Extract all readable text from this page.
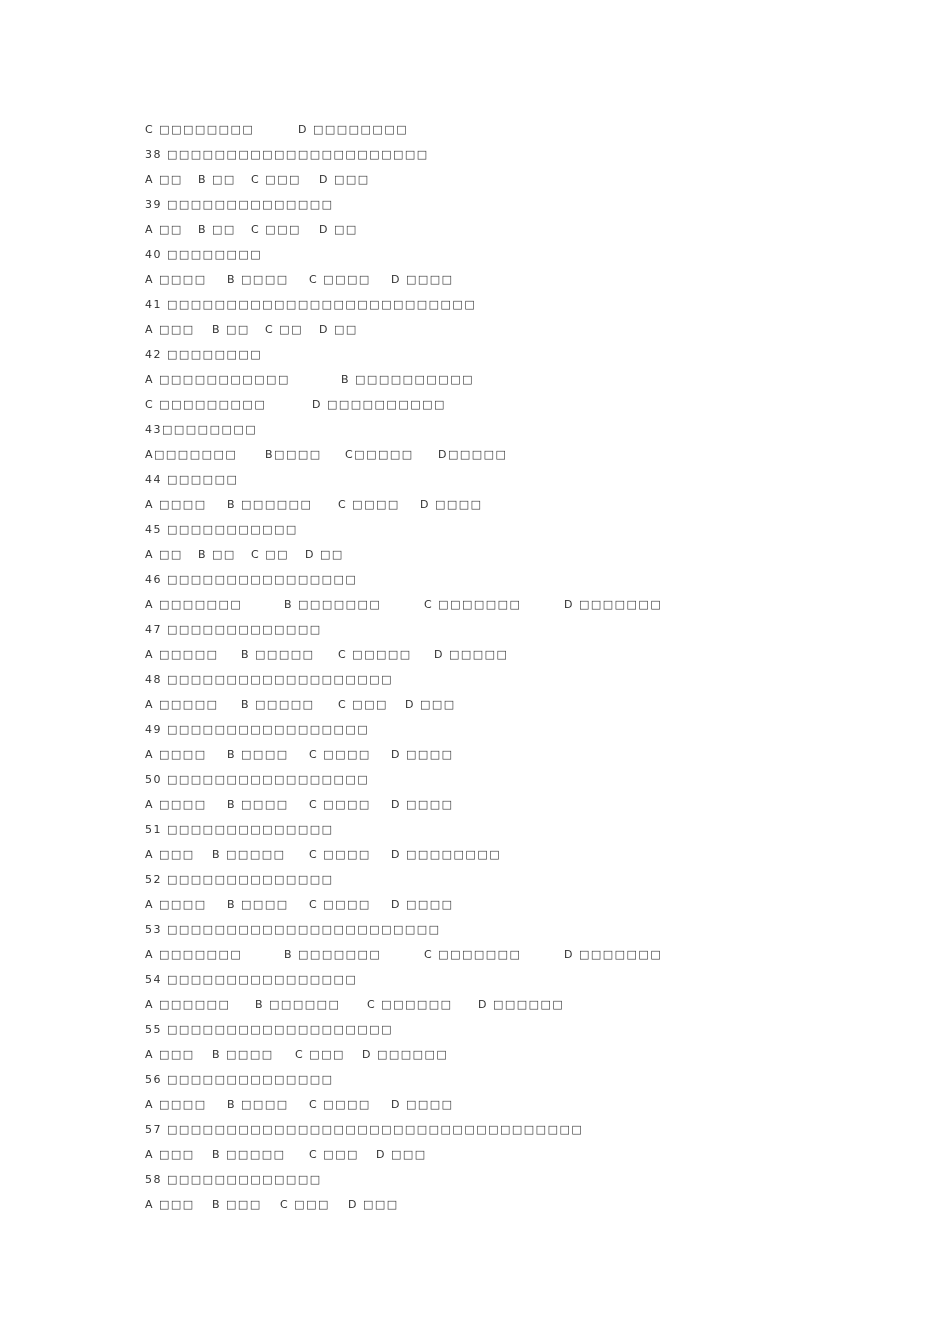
C □□□□□□□□	D □□□□□□□□
38 □□□□□□□□□□□□□□□□□□□□□□
A □□ B □□ C □□□ D □□□
39 □□□□□□□□□□□□□□
A □□ B □□ C □□□ D □□
40 □□□□□□□□
A □□□□ B □□□□ C □□□□ D □□□□
41 □□□□□□□□□□□□□□□□□□□□□□□□□□
A □□□ B □□ C □□ D □□
42 □□□□□□□□
A □□□□□□□□□□□	B □□□□□□□□□□
C □□□□□□□□□	D □□□□□□□□□□
43□□□□□□□□
A□□□□□□□	B□□□□ C□□□□□ D□□□□□
44 □□□□□□
A □□□□ B □□□□□□ C □□□□ D □□□□
45 □□□□□□□□□□□
A □□ B □□ C □□ D □□
46 □□□□□□□□□□□□□□□□
A □□□□□□□	B □□□□□□□	C □□□□□□□	D □□□□□□□
47 □□□□□□□□□□□□□
A □□□□□ B □□□□□ C □□□□□ D □□□□□
48 □□□□□□□□□□□□□□□□□□□
A □□□□□ B □□□□□ C □□□ D □□□
49 □□□□□□□□□□□□□□□□□
A □□□□ B □□□□ C □□□□ D □□□□
50 □□□□□□□□□□□□□□□□□
A □□□□ B □□□□ C □□□□ D □□□□
51 □□□□□□□□□□□□□□
A □□□ B □□□□□ C □□□□ D □□□□□□□□
52 □□□□□□□□□□□□□□
A □□□□ B □□□□ C □□□□ D □□□□
53 □□□□□□□□□□□□□□□□□□□□□□□
A □□□□□□□	B □□□□□□□	C □□□□□□□	D □□□□□□□
54 □□□□□□□□□□□□□□□□
A □□□□□□ B □□□□□□ C □□□□□□ D □□□□□□
55 □□□□□□□□□□□□□□□□□□□
A □□□ B □□□□ C □□□ D □□□□□□
56 □□□□□□□□□□□□□□
A □□□□ B □□□□ C □□□□ D □□□□
57 □□□□□□□□□□□□□□□□□□□□□□□□□□□□□□□□□□□
A □□□ B □□□□□ C □□□ D □□□
58 □□□□□□□□□□□□□
A □□□ B □□□ C □□□ D □□□
